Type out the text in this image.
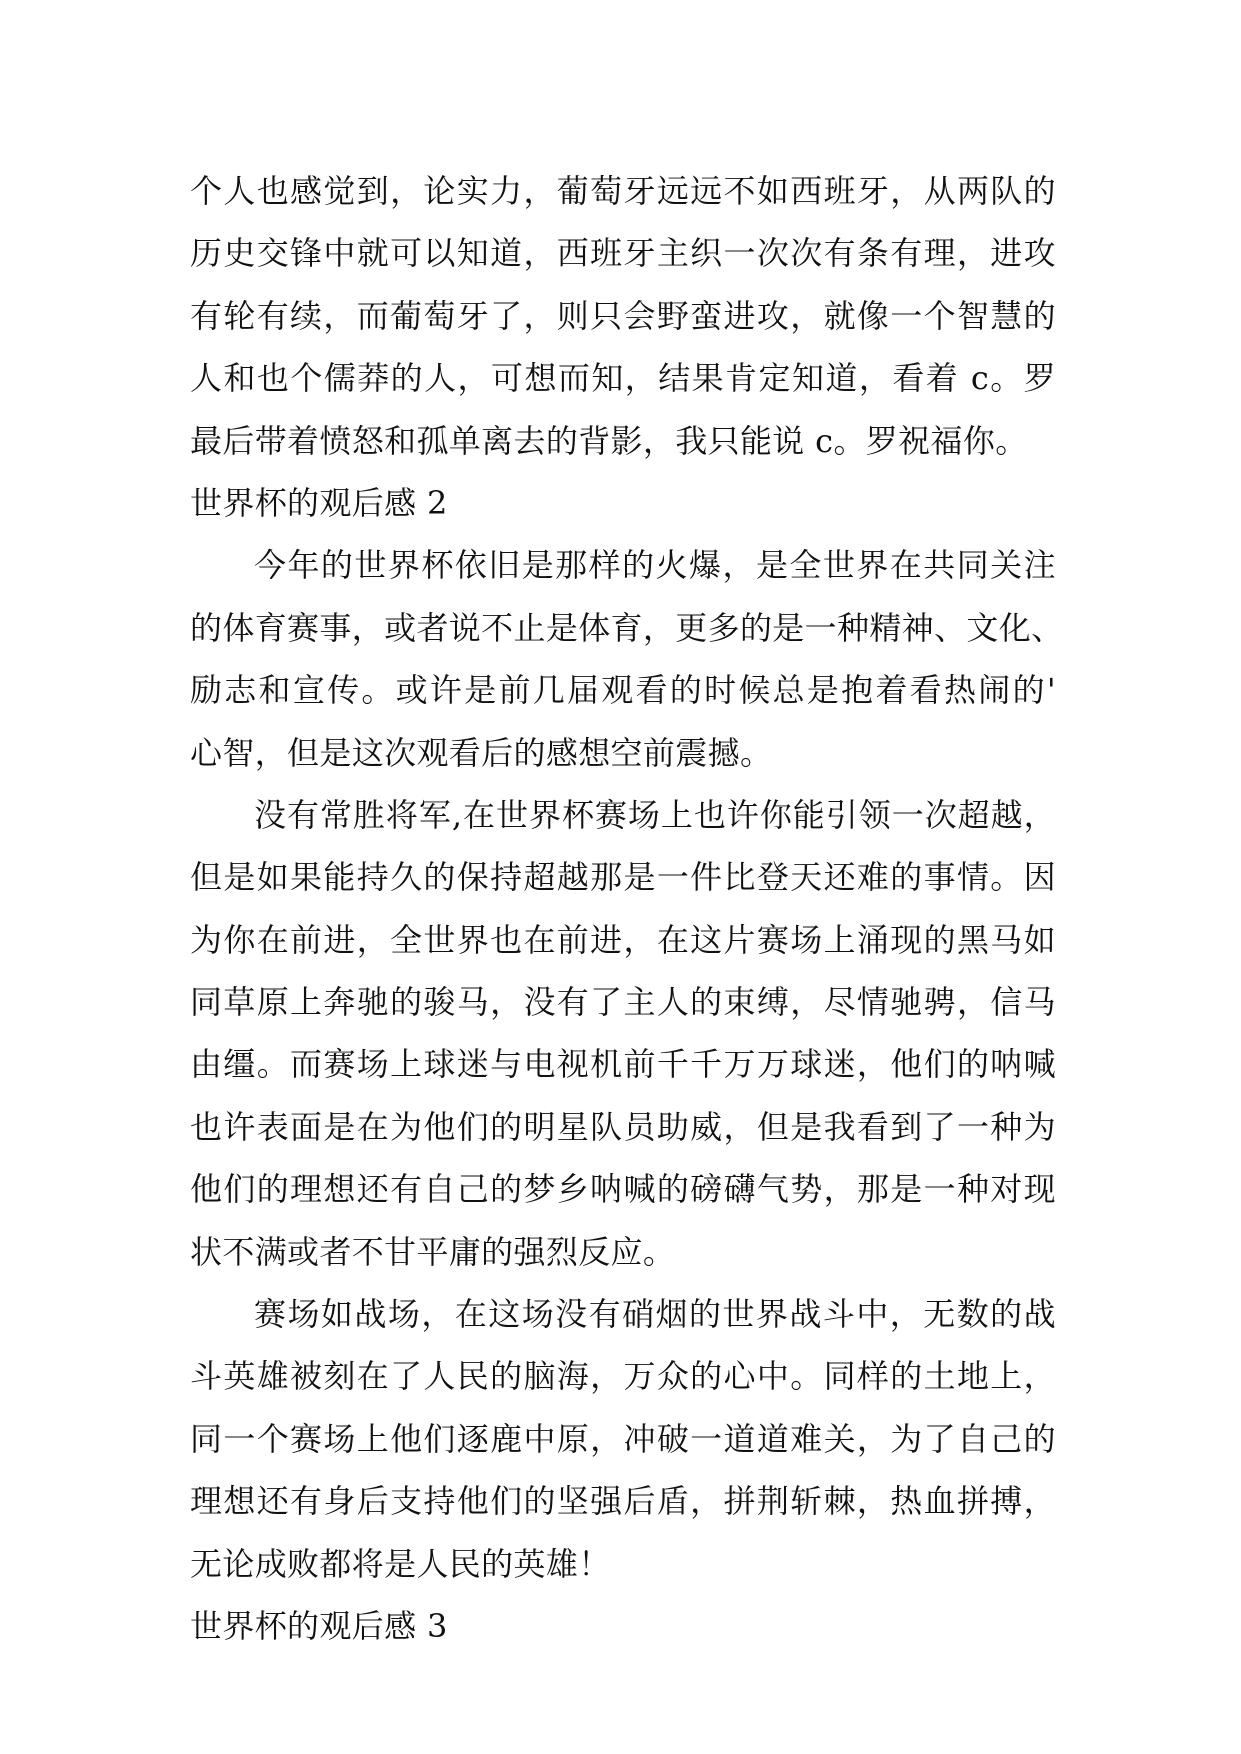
个人也感觉到，论实力，葡萄牙远远不如西班牙，从两队的
历史交锋中就可以知道，西班牙主织一次次有条有理，进攻
有轮有续，而葡萄牙了，则只会野蛮进攻，就像一个智慧的
人和也个儒莽的人，可想而知，结果肯定知道，看着 c。罗
最后带着愤怒和孤单离去的背影，我只能说 c。罗祝福你。
世界杯的观后感 2
今年的世界杯依旧是那样的火爆，是全世界在共同关注
的体育赛事，或者说不止是体育，更多的是一种精神、文化、
励志和宣传。或许是前几届观看的时候总是抱着看热闹的'
心智，但是这次观看后的感想空前震撼。
没有常胜将军,在世界杯赛场上也许你能引领一次超越，
但是如果能持久的保持超越那是一件比登天还难的事情。因
为你在前进，全世界也在前进，在这片赛场上涌现的黑马如
同草原上奔驰的骏马，没有了主人的束缚，尽情驰骋，信马
由缰。而赛场上球迷与电视机前千千万万球迷，他们的呐喊
也许表面是在为他们的明星队员助威，但是我看到了一种为
他们的理想还有自己的梦乡呐喊的磅礴气势，那是一种对现
状不满或者不甘平庸的强烈反应。
赛场如战场，在这场没有硝烟的世界战斗中，无数的战
斗英雄被刻在了人民的脑海，万众的心中。同样的土地上，
同一个赛场上他们逐鹿中原，冲破一道道难关，为了自己的
理想还有身后支持他们的坚强后盾，拼荆斩棘，热血拼搏，
无论成败都将是人民的英雄！
世界杯的观后感 3
